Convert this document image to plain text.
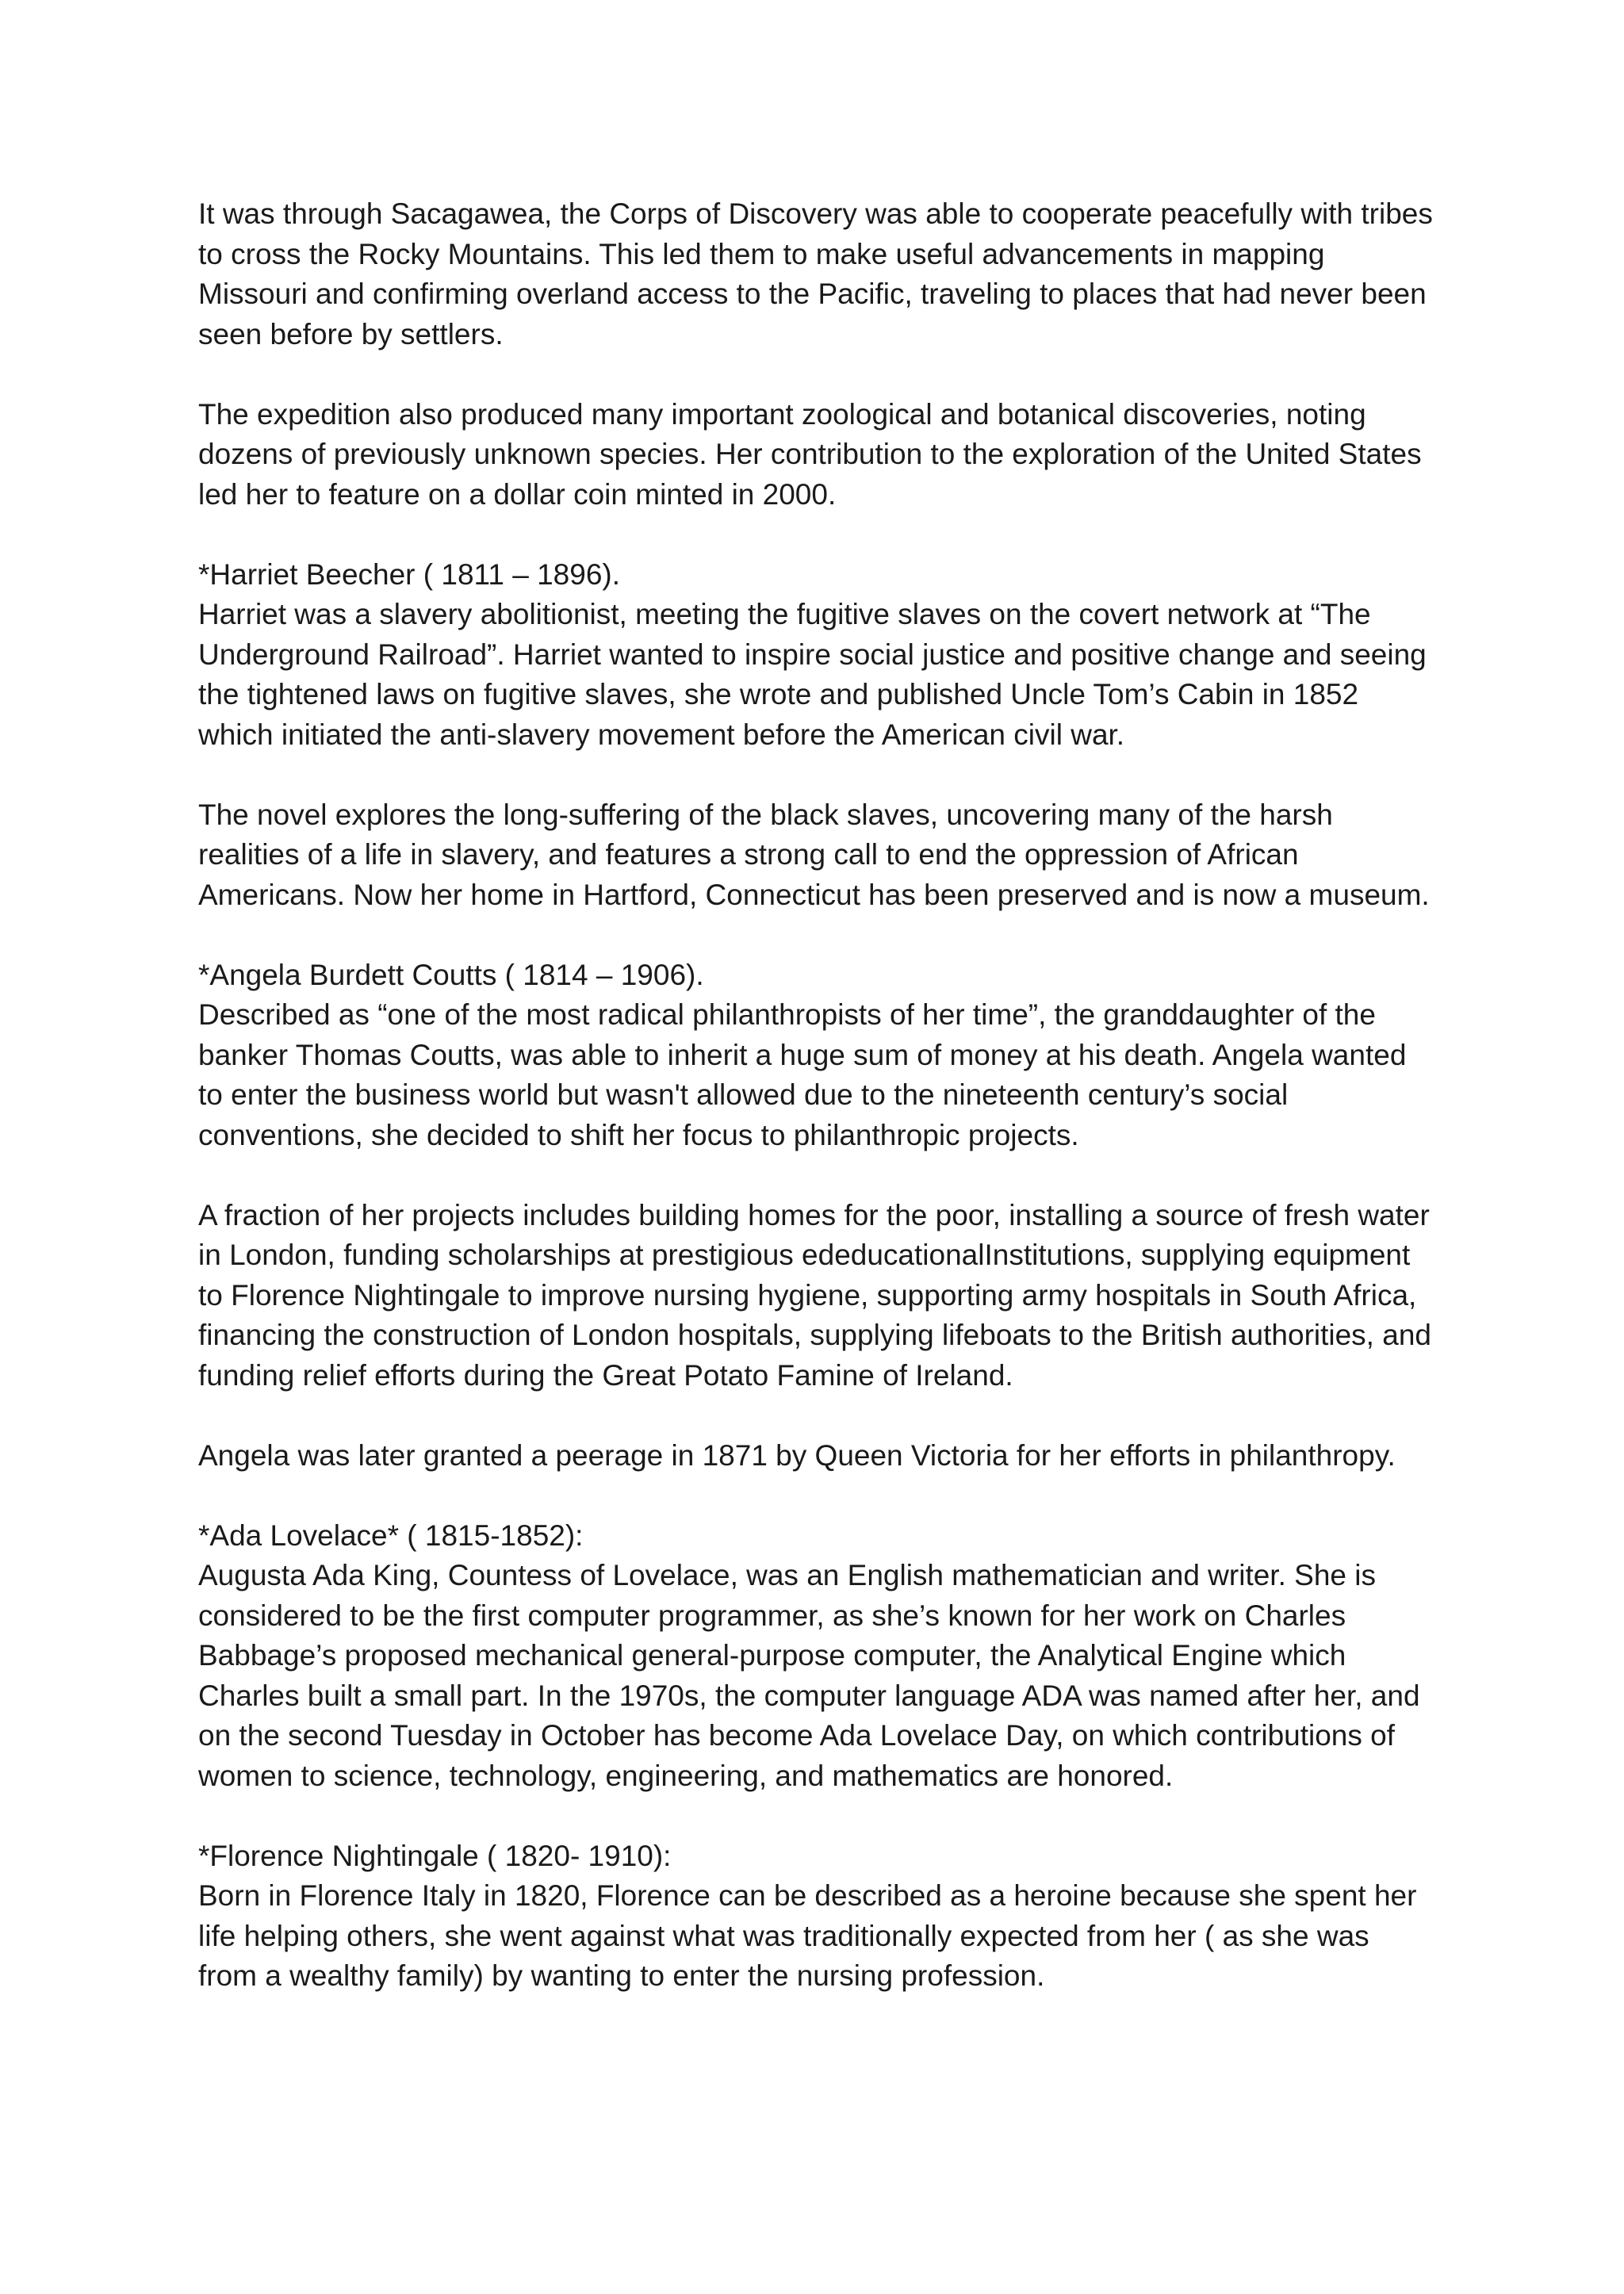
It was through Sacagawea, the Corps of Discovery was able to cooperate peacefully with tribes to cross the Rocky Mountains. This led them to make useful advancements in mapping Missouri and confirming overland access to the Pacific, traveling to places that had never been seen before by settlers.

The expedition also produced many important zoological and botanical discoveries, noting dozens of previously unknown species. Her contribution to the exploration of the United States led her to feature on a dollar coin minted in 2000.

*Harriet Beecher ( 1811 – 1896).

Harriet was a slavery abolitionist, meeting the fugitive slaves on the covert network at “The Underground Railroad”. Harriet wanted to inspire social justice and positive change and seeing the tightened laws on fugitive slaves, she wrote and published Uncle Tom’s Cabin in 1852 which initiated the anti-slavery movement before the American civil war.

The novel explores the long-suffering of the black slaves, uncovering many of the harsh realities of a life in slavery, and features a strong call to end the oppression of African Americans. Now her home in Hartford, Connecticut has been preserved and is now a museum.

*Angela Burdett Coutts ( 1814 – 1906).

Described as “one of the most radical philanthropists of her time”, the granddaughter of the banker Thomas Coutts, was able to inherit a huge sum of money at his death. Angela wanted to enter the business world but wasn't allowed due to the nineteenth century’s social conventions, she decided to shift her focus to philanthropic projects.

A fraction of her projects includes building homes for the poor, installing a source of fresh water in London, funding scholarships at prestigious ededucationalInstitutions, supplying equipment to Florence Nightingale to improve nursing hygiene, supporting army hospitals in South Africa, financing the construction of London hospitals, supplying lifeboats to the British authorities, and funding relief efforts during the Great Potato Famine of Ireland.

Angela was later granted a peerage in 1871 by Queen Victoria for her efforts in philanthropy.

*Ada Lovelace* ( 1815-1852):

Augusta Ada King, Countess of Lovelace, was an English mathematician and writer. She is considered to be the first computer programmer, as she’s known for her work on Charles Babbage’s proposed mechanical general-purpose computer, the Analytical Engine which Charles built a small part. In the 1970s, the computer language ADA was named after her, and on the second Tuesday in October has become Ada Lovelace Day, on which contributions of women to science, technology, engineering, and mathematics are honored.

*Florence Nightingale ( 1820- 1910):

Born in Florence Italy in 1820, Florence can be described as a heroine because she spent her life helping others, she went against what was traditionally expected from her ( as she was from a wealthy family) by wanting to enter the nursing profession.
